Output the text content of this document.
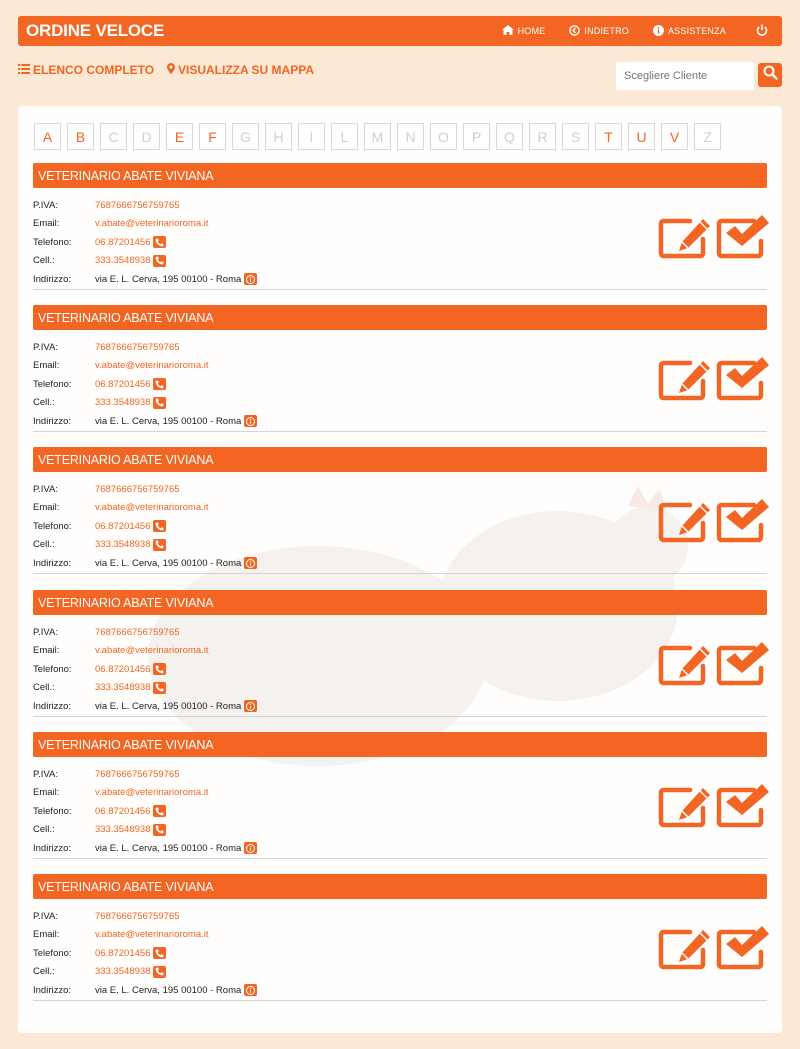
ORDINE VELOCE	HOME	INDIETRO	ASSISTENZA
ELENCO COMPLETO VISUALIZZA SU MAPPA
Scegliere Cliente
A	B	C	D	E	F	G	H	I	L	M	N	O	P	Q	R	S	T	U	V	Z
VETERINARIO ABATE VIVIANA
P.IVA:	7687666756759765
Email:	v.abate@veterinarioroma.it
Telefono:	06.87201456
Cell.:	333.3548938
Indirizzo:	via E. L. Cerva, 195 00100 - Roma
VETERINARIO ABATE VIVIANA
P.IVA:	7687666756759765
Email:	v.abate@veterinarioroma.it
Telefono:	06.87201456
Cell.:	333.3548938
Indirizzo:	via E. L. Cerva, 195 00100 - Roma
VETERINARIO ABATE VIVIANA
P.IVA:	7687666756759765
Email:	v.abate@veterinarioroma.it
Telefono:	06.87201456
Cell.:	333.3548938
Indirizzo:	via E. L. Cerva, 195 00100 - Roma
VETERINARIO ABATE VIVIANA
P.IVA:	7687666756759765
Email:	v.abate@veterinarioroma.it
Telefono:	06.87201456
Cell.:	333.3548938
Indirizzo:	via E. L. Cerva, 195 00100 - Roma
VETERINARIO ABATE VIVIANA
P.IVA:	7687666756759765
Email:	v.abate@veterinarioroma.it
Telefono:	06.87201456
Cell.:	333.3548938
Indirizzo:	via E. L. Cerva, 195 00100 - Roma
VETERINARIO ABATE VIVIANA
P.IVA:	7687666756759765
Email:	v.abate@veterinarioroma.it
Telefono:	06.87201456
Cell.:	333.3548938
Indirizzo:	via E. L. Cerva, 195 00100 - Roma
